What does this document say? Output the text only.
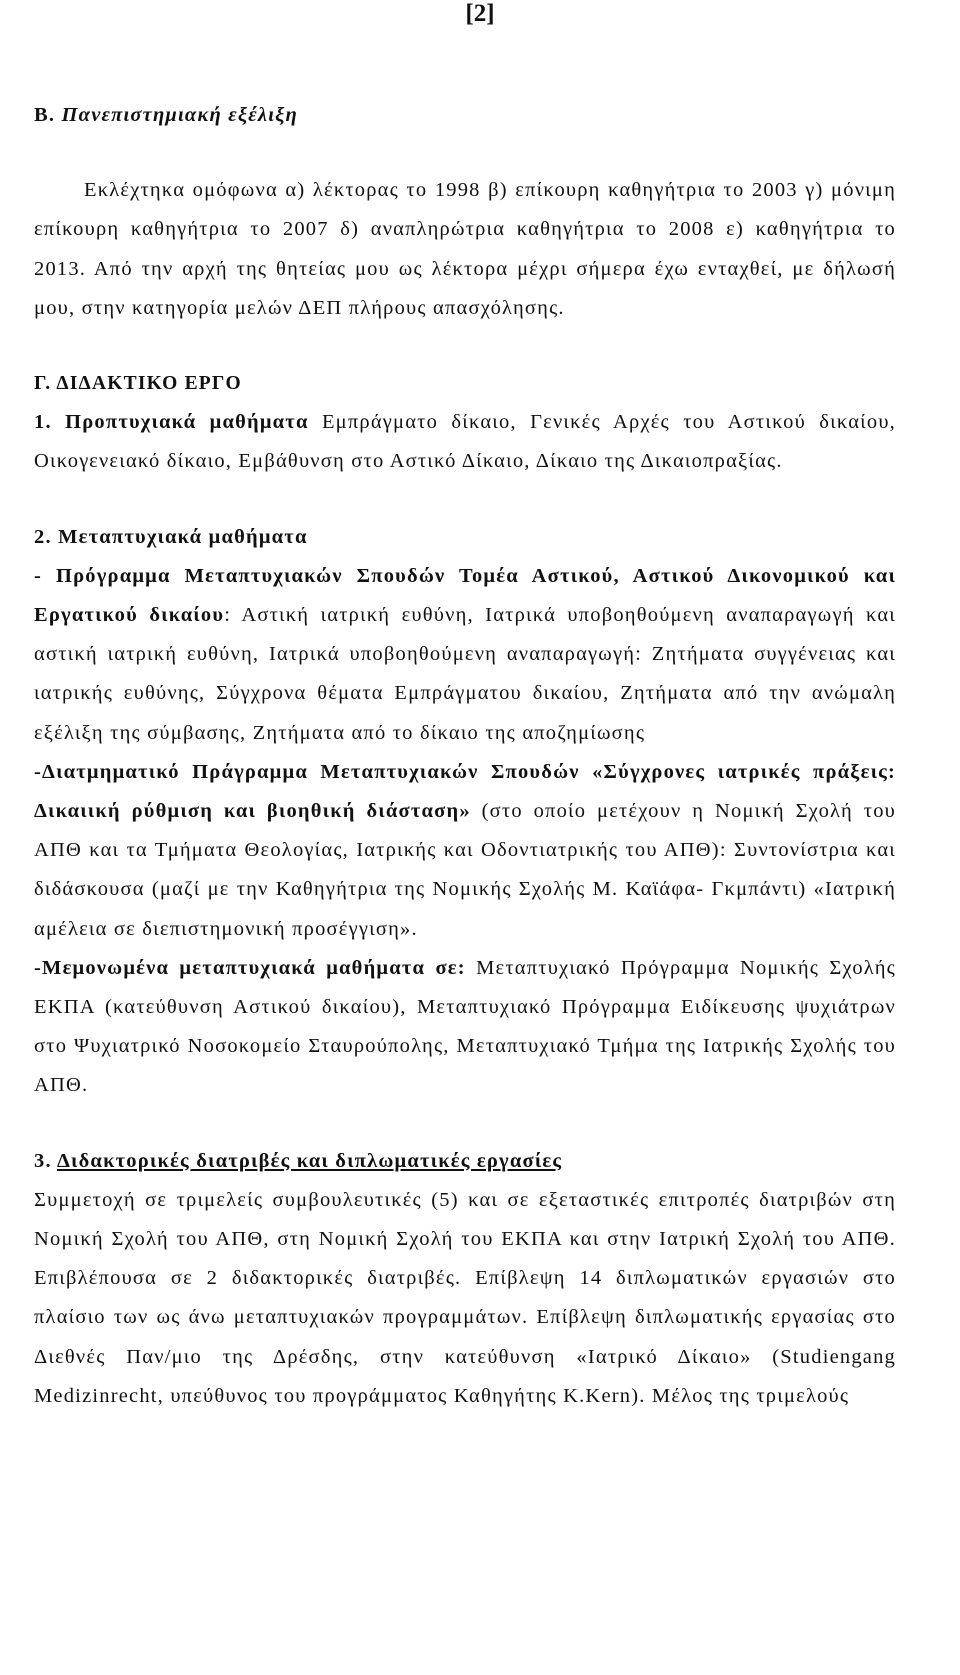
[2]
Β. Πανεπιστημιακή εξέλιξη

Εκλέχτηκα ομόφωνα α) λέκτορας το 1998 β) επίκουρη καθηγήτρια το 2003 γ) μόνιμη επίκουρη καθηγήτρια το 2007 δ) αναπληρώτρια καθηγήτρια το 2008 ε) καθηγήτρια το 2013. Από την αρχή της θητείας μου ως λέκτορα μέχρι σήμερα έχω ενταχθεί, με δήλωσή μου, στην κατηγορία μελών ΔΕΠ πλήρους απασχόλησης.

Γ. ΔΙΔΑΚΤΙΚΟ ΕΡΓΟ

1. Προπτυχιακά μαθήματα Εμπράγματο δίκαιο, Γενικές Αρχές του Αστικού δικαίου, Οικογενειακό δίκαιο, Εμβάθυνση στο Αστικό Δίκαιο, Δίκαιο της Δικαιοπραξίας.

2. Μεταπτυχιακά μαθήματα

- Πρόγραμμα Μεταπτυχιακών Σπουδών Τομέα Αστικού, Αστικού Δικονομικού και Εργατικού δικαίου: Αστική ιατρική ευθύνη, Ιατρικά υποβοηθούμενη αναπαραγωγή και αστική ιατρική ευθύνη, Ιατρικά υποβοηθούμενη αναπαραγωγή: Ζητήματα συγγένειας και ιατρικής ευθύνης, Σύγχρονα θέματα Εμπράγματου δικαίου, Ζητήματα από την ανώμαλη εξέλιξη της σύμβασης, Ζητήματα από το δίκαιο της αποζημίωσης

-Διατμηματικό Πράγραμμα Μεταπτυχιακών Σπουδών «Σύγχρονες ιατρικές πράξεις: Δικαιική ρύθμιση και βιοηθική διάσταση» (στο οποίο μετέχουν η Νομική Σχολή του ΑΠΘ και τα Τμήματα Θεολογίας, Ιατρικής και Οδοντιατρικής του ΑΠΘ): Συντονίστρια και διδάσκουσα (μαζί με την Καθηγήτρια της Νομικής Σχολής Μ. Καϊάφα- Γκμπάντι) «Ιατρική αμέλεια σε διεπιστημονική προσέγγιση».

-Μεμονωμένα μεταπτυχιακά μαθήματα σε: Μεταπτυχιακό Πρόγραμμα Νομικής Σχολής ΕΚΠΑ (κατεύθυνση Αστικού δικαίου), Μεταπτυχιακό Πρόγραμμα Ειδίκευσης ψυχιάτρων στο Ψυχιατρικό Νοσοκομείο Σταυρούπολης, Μεταπτυχιακό Τμήμα της Ιατρικής Σχολής του ΑΠΘ.

3. Διδακτορικές διατριβές και διπλωματικές εργασίες

Συμμετοχή σε τριμελείς συμβουλευτικές (5) και σε εξεταστικές επιτροπές διατριβών στη Νομική Σχολή του ΑΠΘ, στη Νομική Σχολή του ΕΚΠΑ και στην Ιατρική Σχολή του ΑΠΘ. Επιβλέπουσα σε 2 διδακτορικές διατριβές. Επίβλεψη 14 διπλωματικών εργασιών στο πλαίσιο των ως άνω μεταπτυχιακών προγραμμάτων. Επίβλεψη διπλωματικής εργασίας στο Διεθνές Παν/μιο της Δρέσδης, στην κατεύθυνση «Ιατρικό Δίκαιο» (Studiengang Medizinrecht, υπεύθυνος του προγράμματος Καθηγήτης Κ.Kern). Μέλος της τριμελούς
